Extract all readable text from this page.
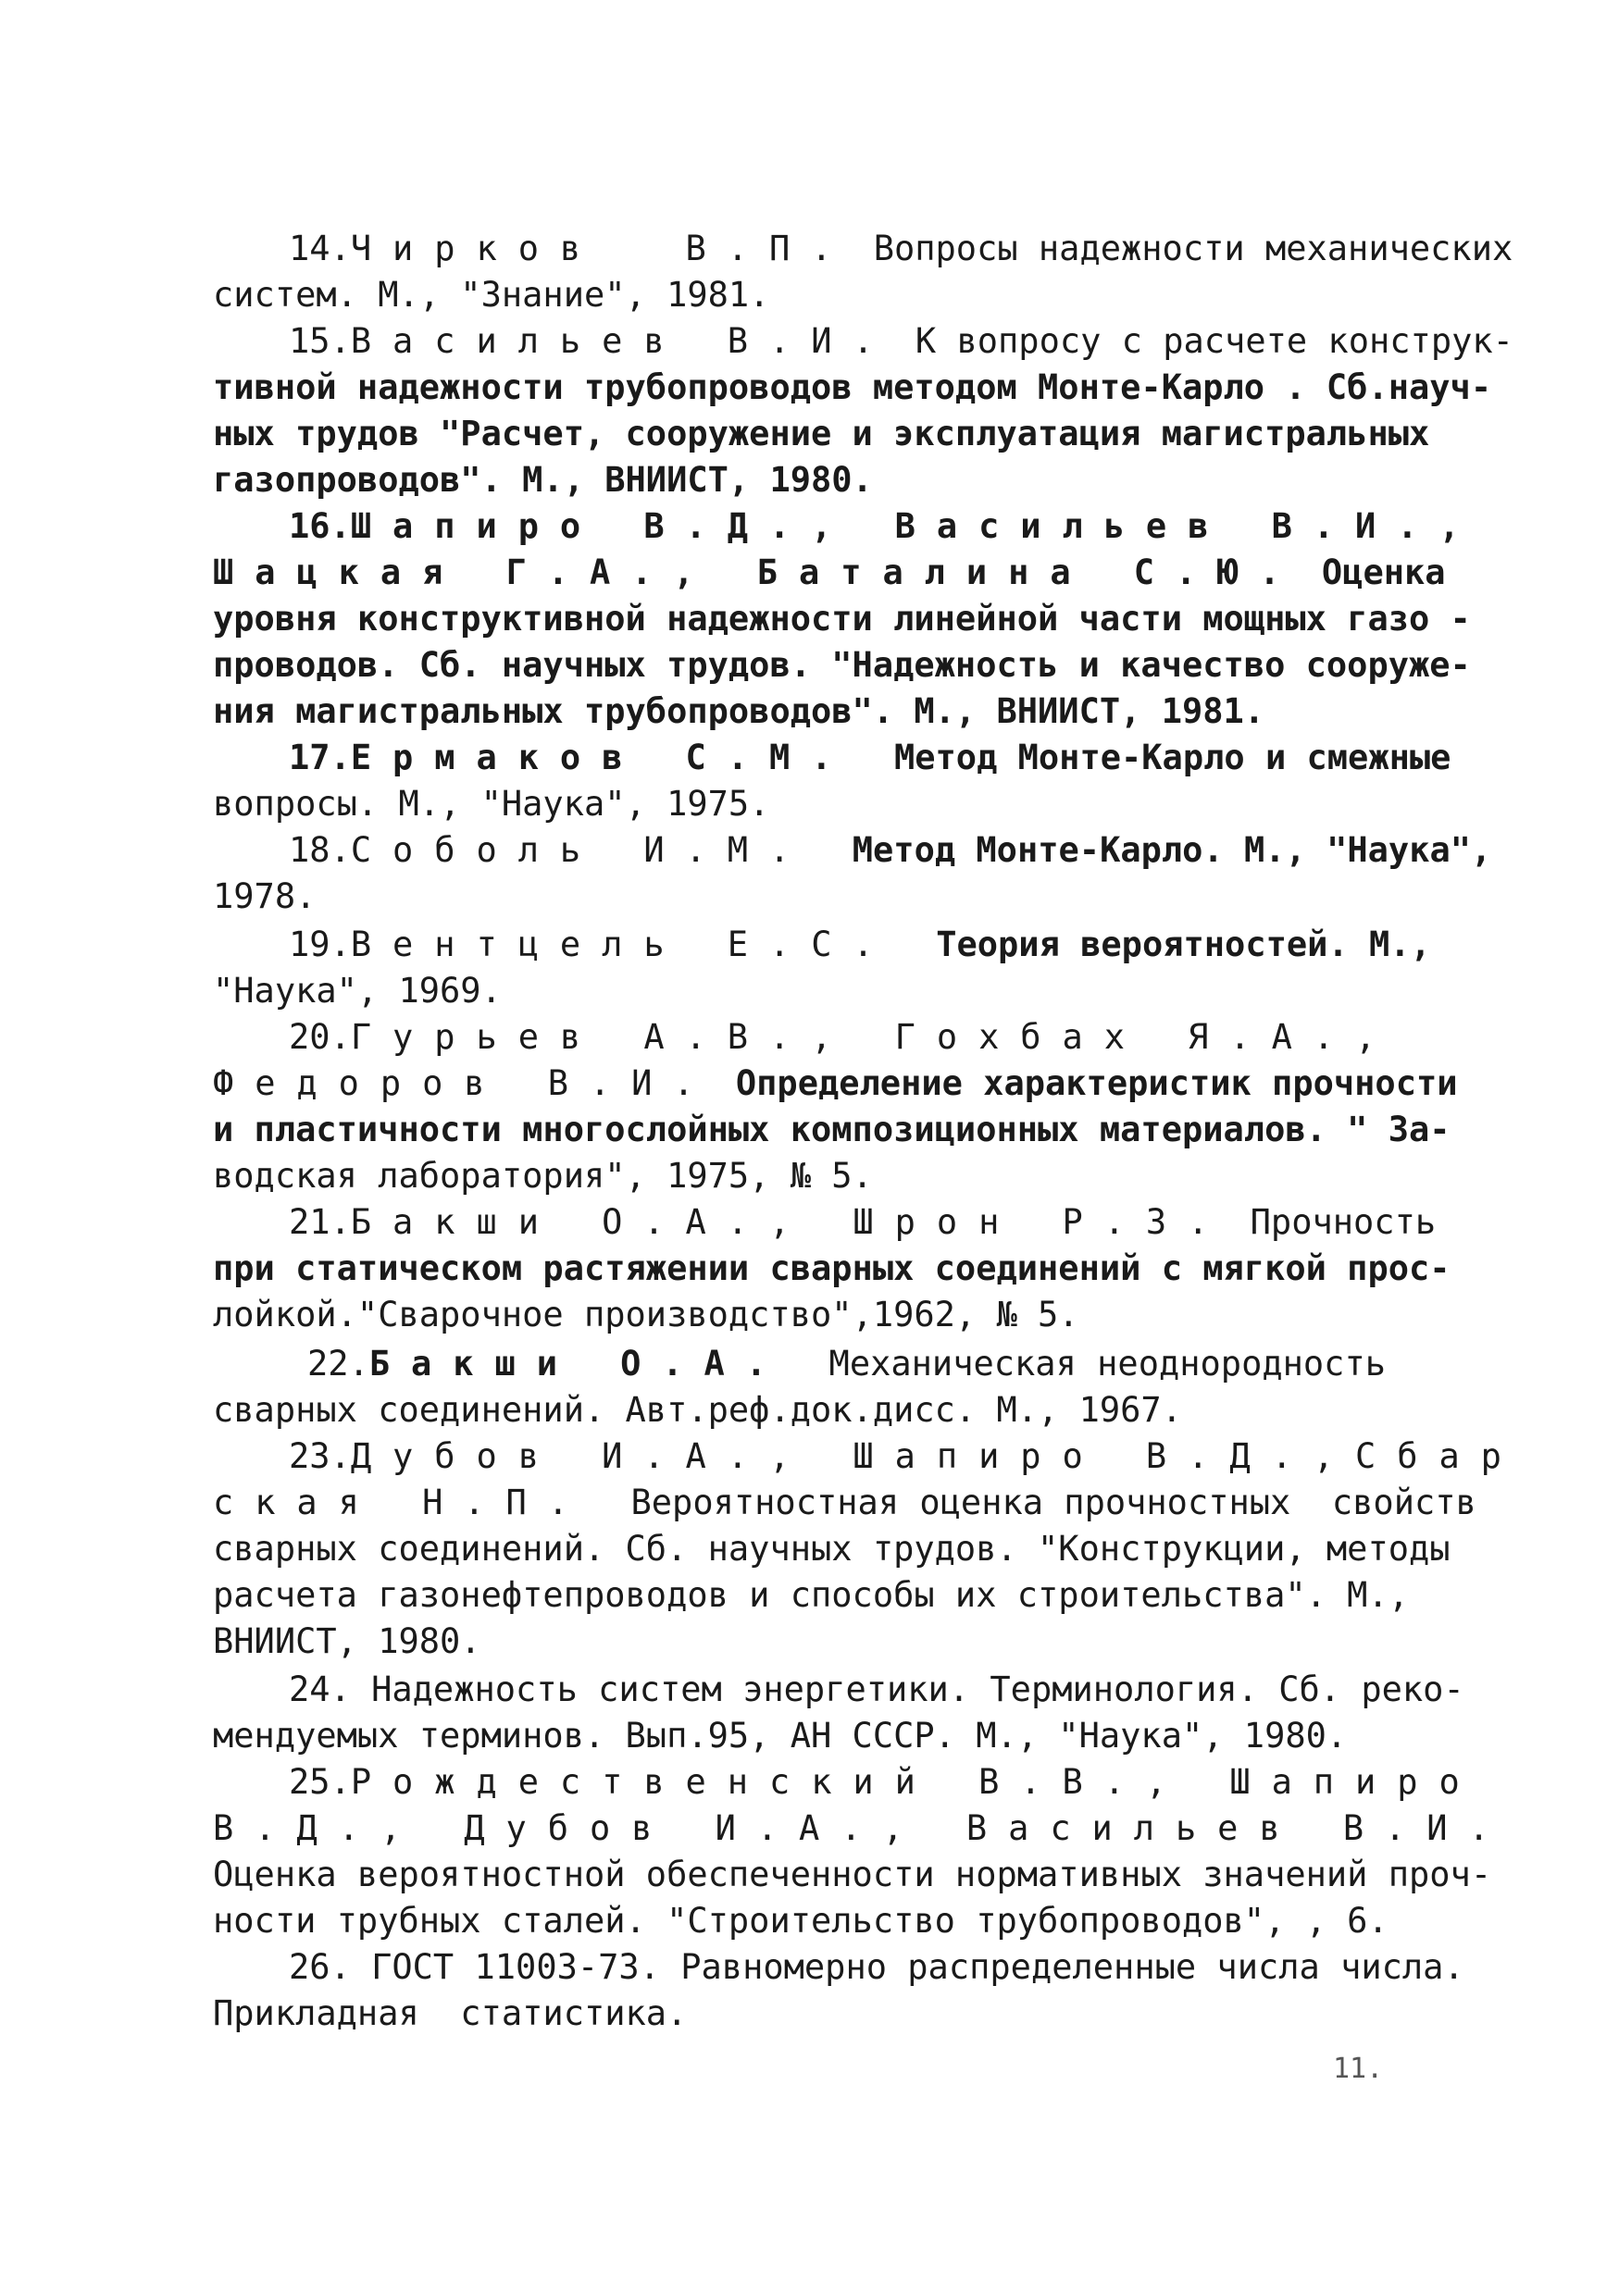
14.Чирков  В.П. Вопросы надежности механических
систем. М., "Знание", 1981.
15.Васильев В.И. К вопросу с расчете конструк-
тивной надежности трубопроводов методом Монте-Карло . Сб.науч-
ных трудов "Расчет, сооружение и эксплуатация магистральных
газопроводов". М., ВНИИСТ, 1980.
16.Шапиро В.Д., Васильев В.И.,
Шацкая Г.А., Баталина С.Ю. Оценка
уровня конструктивной надежности линейной части мощных газо -
проводов. Сб. научных трудов. "Надежность и качество сооруже-
ния магистральных трубопроводов". М., ВНИИСТ, 1981.
17.Ермаков С.М.  Метод Монте-Карло и смежные
вопросы. М., "Наука", 1975.
18.Соболь И.М.  Метод Монте-Карло. М., "Наука",
1978.
19.Вентцель Е.С.  Теория вероятностей. М.,
"Наука", 1969.
20.Гурьев А.В., Гохбах Я.А.,
Федоров В.И. Определение характеристик прочности
и пластичности многослойных композиционных материалов. " За-
водская лаборатория", 1975, № 5.
21.Бакши О.А., Шрон Р.З. Прочность
при статическом растяжении сварных соединений с мягкой прос-
лойкой."Сварочное производство",1962, № 5.
22.Бакши О.А.  Механическая неоднородность
сварных соединений. Авт.реф.док.дисс. М., 1967.
23.Дубов И.А., Шапиро В.Д.,Сбар
ская Н.П.  Вероятностная оценка прочностных  свойств
сварных соединений. Сб. научных трудов. "Конструкции, методы
расчета газонефтепроводов и способы их строительства". М.,
ВНИИСТ, 1980.
24. Надежность систем энергетики. Терминология. Сб. реко-
мендуемых терминов. Вып.95, АН СССР. М., "Наука", 1980.
25.Рождественский В.В., Шапиро
В.Д., Дубов И.А., Васильев В.И.
Оценка вероятностной обеспеченности нормативных значений проч-
ности трубных сталей. "Строительство трубопроводов", , 6.
26. ГОСТ 11003-73. Равномерно распределенные числа числа.
Прикладная  статистика.
11.
